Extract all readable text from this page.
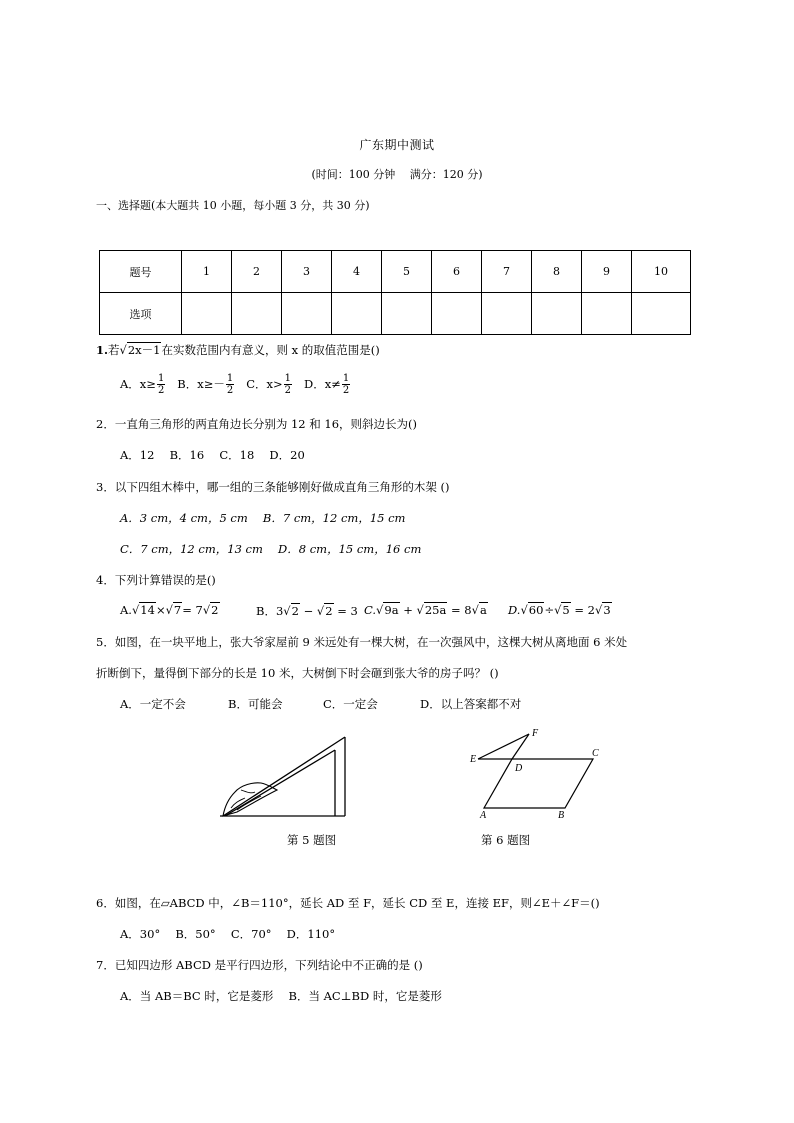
广东期中测试
(时间：100 分钟　 满分：120 分)
一、选择题(本大题共 10 小题，每小题 3 分，共 30 分)
题号	1	2	3	4	5	6	7	8	9	10
选项										
1.若√2x－1在实数范围内有意义，则 x 的取值范围是()
A．$x\ge \frac{1}{2}$ B．$x\ge- \frac{1}{2}$ C．$x> \frac{1}{2}$ D．$x\ne \frac{1}{2}$
2．一直角三角形的两直角边长分别为 12 和 16，则斜边长为()
A．12　 B．16　 C．18　 D．20
3．以下四组木棒中，哪一组的三条能够刚好做成直角三角形的木架 ()
A．3 cm，4 cm，5 cm　 B．7 cm，12 cm，15 cm
C．7 cm，12 cm，13 cm　 D．8 cm，15 cm，16 cm
4．下列计算错误的是()
A.√14×√7= 7√2	B．3√2 − √2 = 3 C.√9a + √25a = 8√a D.√60÷√5 = 2√3
5．如图，在一块平地上，张大爷家屋前 9 米远处有一棵大树，在一次强风中，这棵大树从离地面 6 米处
折断倒下，量得倒下部分的长是 10 米，大树倒下时会砸到张大爷的房子吗？ ()
A．一定不会	B．可能会	C．一定会	D．以上答案都不对
第 5 题图
A	B
C
D
E
F
第 6 题图
6．如图，在▱ABCD 中，∠B＝110°，延长 AD 至 F，延长 CD 至 E，连接 EF，则∠E＋∠F＝()
A．30°　 B．50°　 C．70°　 D．110°
7．已知四边形 ABCD 是平行四边形，下列结论中不正确的是 ()
A．当 AB＝BC 时，它是菱形　 B．当 AC⊥BD 时，它是菱形
